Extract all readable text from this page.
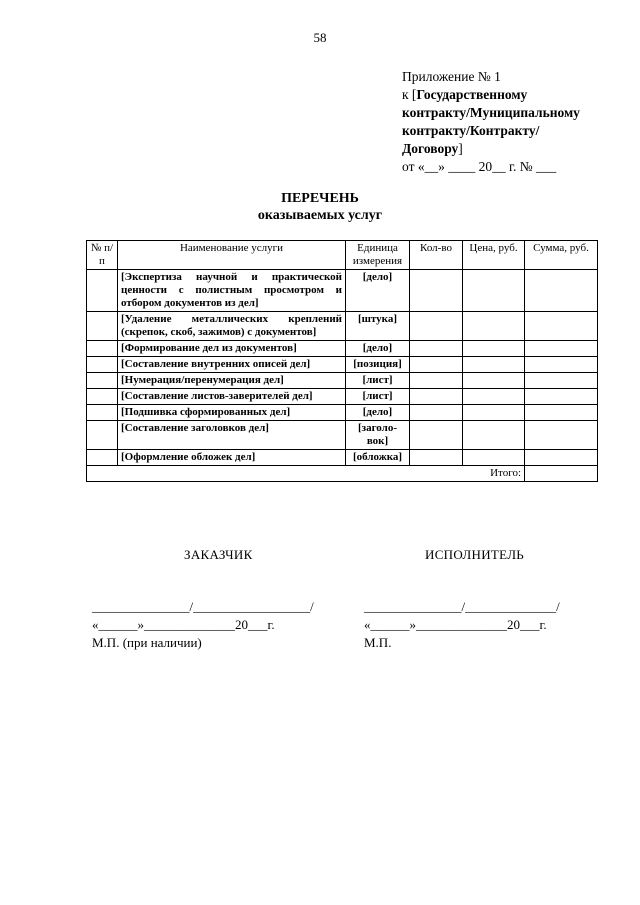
58
Приложение № 1
к [Государственному
контракту/Муниципальному
контракту/Контракту/
Договору]
от «__» ____ 20__ г. № ___
ПЕРЕЧЕНЬ
оказываемых услуг
№ п/п	Наименование услуги	Единица измерения	Кол-во	Цена, руб.	Сумма, руб.
	[Экспертиза научной и практической ценности с полистным просмотром и отбором документов из дел]	[дело]			
	[Удаление металлических креплений (скрепок, скоб, зажимов) с документов]	[штука]			
	[Формирование дел из документов]	[дело]			
	[Составление внутренних описей дел]	[позиция]			
	[Нумерация/перенумерация дел]	[лист]			
	[Составление листов-заверителей дел]	[лист]			
	[Подшивка сформированных дел]	[дело]			
	[Составление заголовков дел]	[заголо-вок]			
	[Оформление обложек дел]	[обложка]			
Итого:					
ЗАКАЗЧИК	ИСПОЛНИТЕЛЬ
_______________/__________________/
«______»______________20___г.
М.П. (при наличии)
_______________/______________/
«______»______________20___г.
М.П.
